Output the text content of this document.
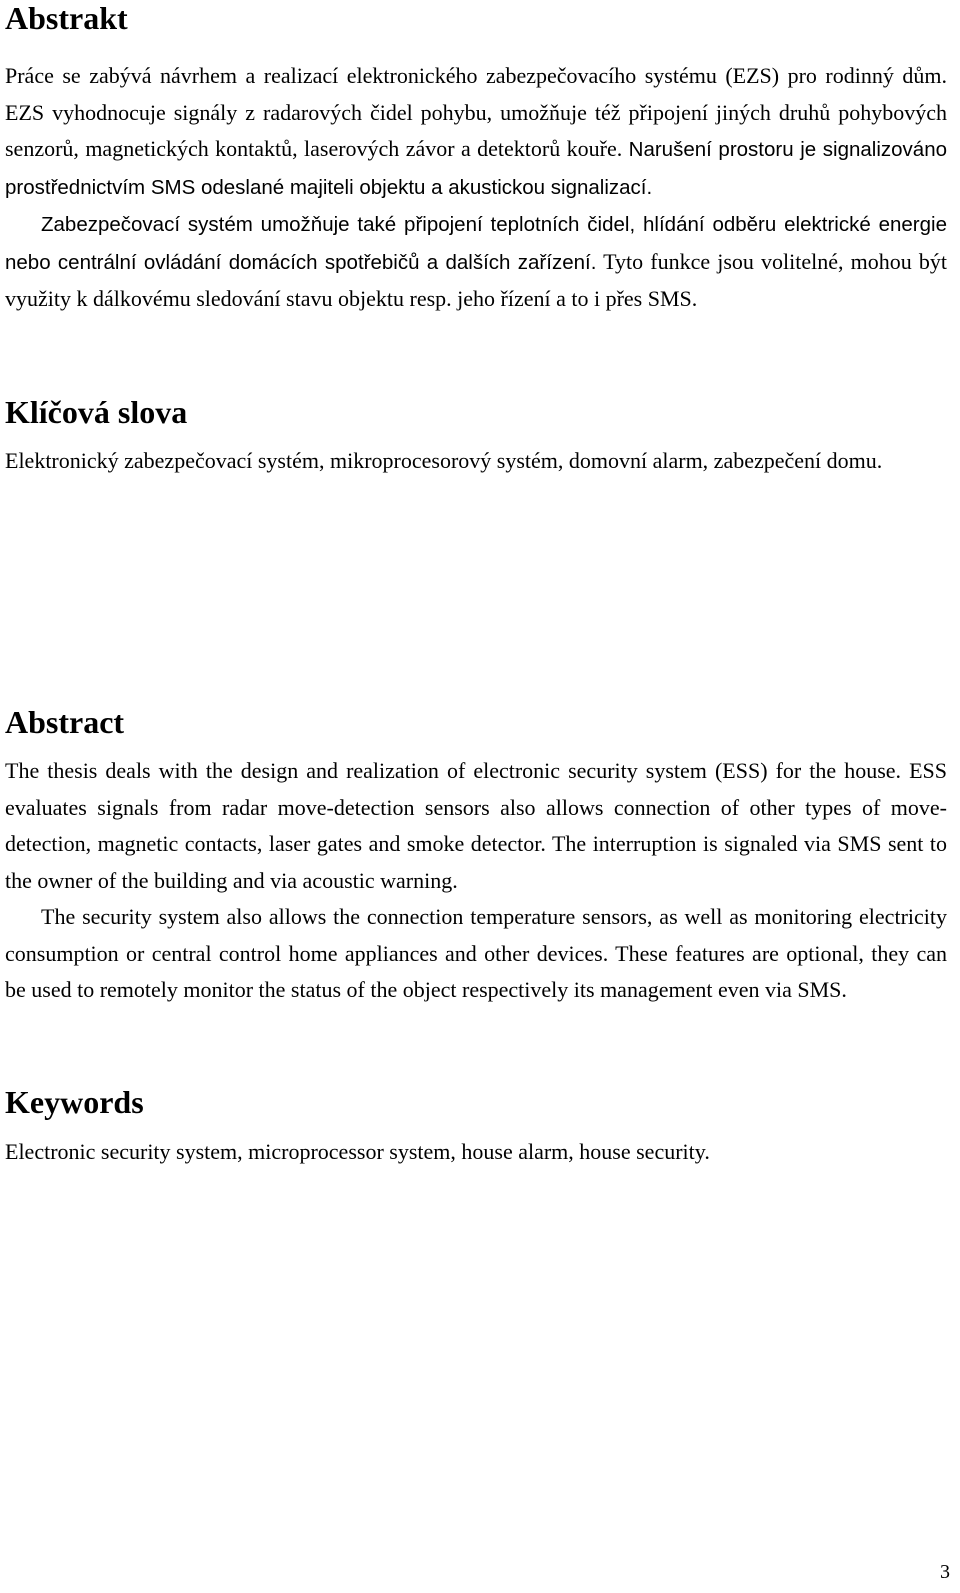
Abstrakt

Práce se zabývá návrhem a realizací elektronického zabezpečovacího systému (EZS) pro rodinný dům. EZS vyhodnocuje signály z radarových čidel pohybu, umožňuje též připojení jiných druhů pohybových senzorů, magnetických kontaktů, laserových závor a detektorů kouře. Narušení prostoru je signalizováno prostřednictvím SMS odeslané majiteli objektu a akustickou signalizací.

Zabezpečovací systém umožňuje také připojení teplotních čidel, hlídání odběru elektrické energie nebo centrální ovládání domácích spotřebičů a dalších zařízení. Tyto funkce jsou volitelné, mohou být využity k dálkovému sledování stavu objektu resp. jeho řízení a to i přes SMS.

Klíčová slova

Elektronický zabezpečovací systém, mikroprocesorový systém, domovní alarm, zabezpečení domu.

Abstract

The thesis deals with the design and realization of electronic security system (ESS) for the house. ESS evaluates signals from radar move-detection sensors also allows connection of other types of move-detection, magnetic contacts, laser gates and smoke detector. The interruption is signaled via SMS sent to the owner of the building and via acoustic warning.

The security system also allows the connection temperature sensors, as well as monitoring electricity consumption or central control home appliances and other devices. These features are optional, they can be used to remotely monitor the status of the object respectively its management even via SMS.

Keywords

Electronic security system, microprocessor system, house alarm, house security.

3
